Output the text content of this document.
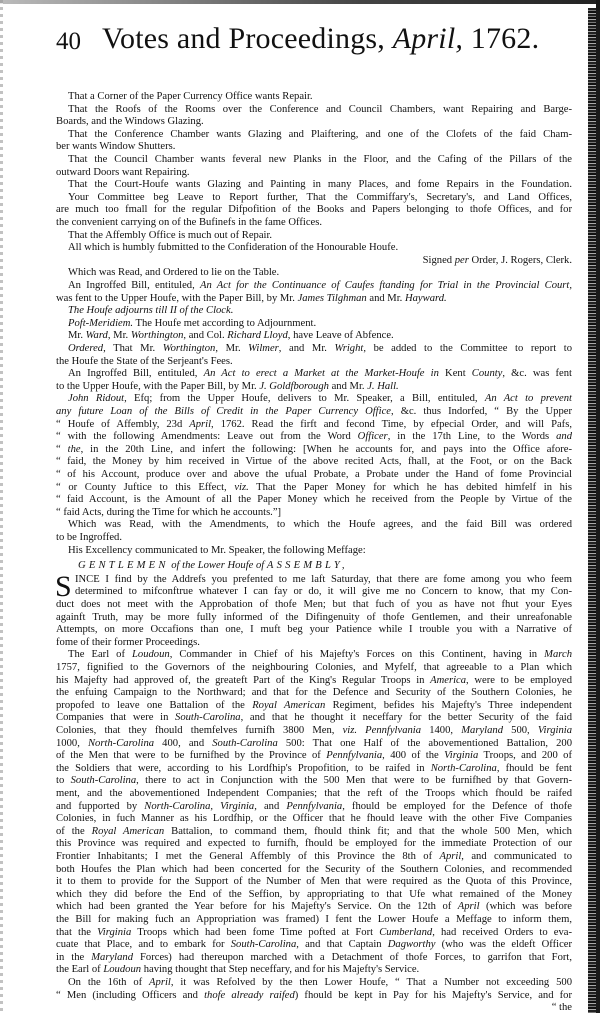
40 Votes and Proceedings, April, 1762.
That a Corner of the Paper Currency Office wants Repair.
That the Roofs of the Rooms over the Conference and Council Chambers, want Repairing and Barge-
Boards, and the Windows Glazing.
That the Conference Chamber wants Glazing and Plaiftering, and one of the Clofets of the faid Cham-
ber wants Window Shutters.
That the Council Chamber wants feveral new Planks in the Floor, and the Cafing of the Pillars of the
outward Doors want Repairing.
That the Court-Houfe wants Glazing and Painting in many Places, and fome Repairs in the Foundation.
Your Committee beg Leave to Report further, That the Commiffary's, Secretary's, and Land Offices,
are much too fmall for the regular Difpofition of the Books and Papers belonging to thofe Offices, and for
the convenient carrying on of the Bufinefs in the fame Offices.
That the Affembly Office is much out of Repair.
All which is humbly fubmitted to the Confideration of the Honourable Houfe.
Signed per Order, J. Rogers, Clerk.
Which was Read, and Ordered to lie on the Table.
An Ingroffed Bill, entituled, An Act for the Continuance of Caufes ftanding for Trial in the Provincial Court,
was fent to the Upper Houfe, with the Paper Bill, by Mr. James Tilghman and Mr. Hayward.
The Houfe adjourns till II of the Clock.
Poft-Meridiem. The Houfe met according to Adjournment.
Mr. Ward, Mr. Worthington, and Col. Richard Lloyd, have Leave of Abfence.
Ordered, That Mr. Worthington, Mr. Wilmer, and Mr. Wright, be added to the Committee to report to
the Houfe the State of the Serjeant's Fees.
An Ingroffed Bill, entituled, An Act to erect a Market at the Market-Houfe in Kent County, &c. was fent
to the Upper Houfe, with the Paper Bill, by Mr. J. Goldfborough and Mr. J. Hall.
John Ridout, Efq; from the Upper Houfe, delivers to Mr. Speaker, a Bill, entituled, An Act to prevent
any future Loan of the Bills of Credit in the Paper Currency Office, &c. thus Indorfed, “ By the Upper
“ Houfe of Affembly, 23d April, 1762. Read the firft and fecond Time, by efpecial Order, and will Pafs,
“ with the following Amendments: Leave out from the Word Officer, in the 17th Line, to the Words and
“ the, in the 20th Line, and infert the following: [When he accounts for, and pays into the Office afore-
“ faid, the Money by him received in Virtue of the above recited Acts, fhall, at the Foot, or on the Back
“ of his Account, produce over and above the ufual Probate, a Probate under the Hand of fome Provincial
“ or County Juftice to this Effect, viz. That the Paper Money for which he has debited himfelf in his
“ faid Account, is the Amount of all the Paper Money which he received from the People by Virtue of the
“ faid Acts, during the Time for which he accounts.”]
Which was Read, with the Amendments, to which the Houfe agrees, and the faid Bill was ordered
to be Ingroffed.
His Excellency communicated to Mr. Speaker, the following Meffage:
GENTLEMEN of the Lower Houfe of ASSEMBLY,
INCE I find by the Addrefs you prefented to me laft Saturday, that there are fome among you who feem
S determined to mifconftrue whatever I can fay or do, it will give me no Concern to know, that my Con-
duct does not meet with the Approbation of thofe Men; but that fuch of you as have not fhut your Eyes
againft Truth, may be more fully informed of the Difingenuity of thofe Gentlemen, and their unreafonable
Attempts, on more Occafions than one, I muft beg your Patience while I trouble you with a Narrative of
fome of their former Proceedings.
The Earl of Loudoun, Commander in Chief of his Majefty's Forces on this Continent, having in March
1757, fignified to the Governors of the neighbouring Colonies, and Myfelf, that agreeable to a Plan which
his Majefty had approved of, the greateft Part of the King's Regular Troops in America, were to be employed
the enfuing Campaign to the Northward; and that for the Defence and Security of the Southern Colonies, he
propofed to leave one Battalion of the Royal American Regiment, befides his Majefty's Three independent
Companies that were in South-Carolina, and that he thought it neceffary for the better Security of the faid
Colonies, that they fhould themfelves furnifh 3800 Men, viz. Pennfylvania 1400, Maryland 500, Virginia
1000, North-Carolina 400, and South-Carolina 500: That one Half of the abovementioned Battalion, 200
of the Men that were to be furnifhed by the Province of Pennfylvania, 400 of the Virginia Troops, and 200 of
the Soldiers that were, according to his Lordfhip's Propofition, to be raifed in North-Carolina, fhould be fent
to South-Carolina, there to act in Conjunction with the 500 Men that were to be furnifhed by that Govern-
ment, and the abovementioned Independent Companies; that the reft of the Troops which fhould be raifed
and fupported by North-Carolina, Virginia, and Pennfylvania, fhould be employed for the Defence of thofe
Colonies, in fuch Manner as his Lordfhip, or the Officer that he fhould leave with the other Five Companies
of the Royal American Battalion, to command them, fhould think fit; and that the whole 500 Men, which
this Province was required and expected to furnifh, fhould be employed for the immediate Protection of our
Frontier Inhabitants; I met the General Affembly of this Province the 8th of April, and communicated to
both Houfes the Plan which had been concerted for the Security of the Southern Colonies, and recommended
it to them to provide for the Support of the Number of Men that were required as the Quota of this Province,
which they did before the End of the Seffion, by appropriating to that Ufe what remained of the Money
which had been granted the Year before for his Majefty's Service. On the 12th of April (which was before
the Bill for making fuch an Appropriation was framed) I fent the Lower Houfe a Meffage to inform them,
that the Virginia Troops which had been fome Time pofted at Fort Cumberland, had received Orders to eva-
cuate that Place, and to embark for South-Carolina, and that Captain Dagworthy (who was the eldeft Officer
in the Maryland Forces) had thereupon marched with a Detachment of thofe Forces, to garrifon that Fort,
the Earl of Loudoun having thought that Step neceffary, and for his Majefty's Service.
On the 16th of April, it was Refolved by the then Lower Houfe, “ That a Number not exceeding 500
“ Men (including Officers and thofe already raifed) fhould be kept in Pay for his Majefty's Service, and for
“ the
